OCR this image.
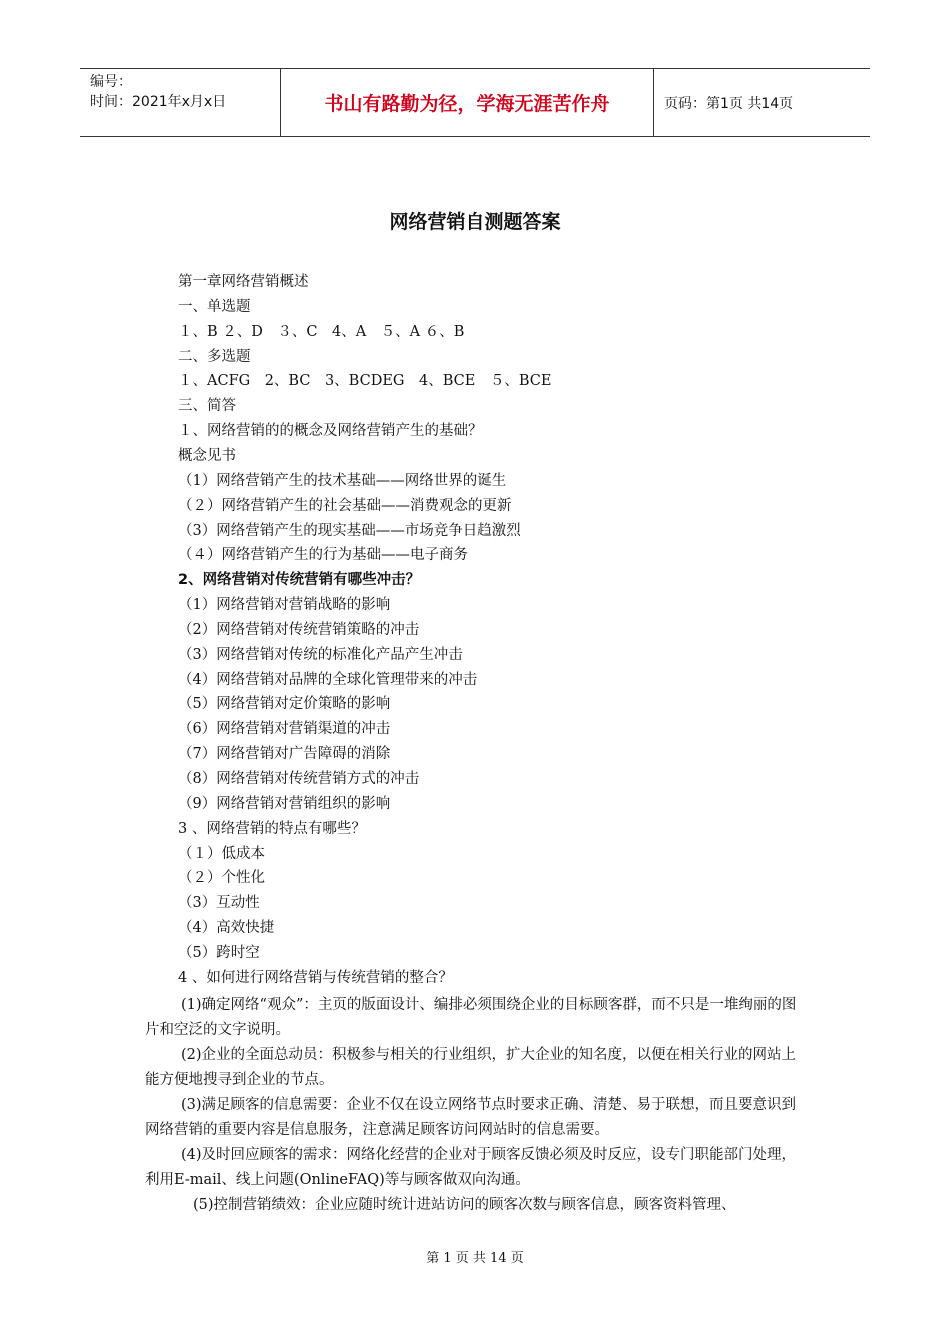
编号：
时间：2021年x月x日	书山有路勤为径，学海无涯苦作舟	页码：第1页 共14页
网络营销自测题答案
第一章网络营销概述
一、单选题
１、B ２、D　３、C　4、A　５、A ６、B
二、多选题
１、ACFG　2、BC　3、BCDEG　4、BCE　５、BCE
三、简答
１、网络营销的的概念及网络营销产生的基础？
概念见书
（1）网络营销产生的技术基础——网络世界的诞生
（２）网络营销产生的社会基础——消费观念的更新
（3）网络营销产生的现实基础——市场竞争日趋激烈
（４）网络营销产生的行为基础——电子商务
2、网络营销对传统营销有哪些冲击？
（1）网络营销对营销战略的影响
（2）网络营销对传统营销策略的冲击
（3）网络营销对传统的标准化产品产生冲击
（4）网络营销对品牌的全球化管理带来的冲击
（5）网络营销对定价策略的影响
（6）网络营销对营销渠道的冲击
（7）网络营销对广告障碍的消除
（8）网络营销对传统营销方式的冲击
（9）网络营销对营销组织的影响
3 、网络营销的特点有哪些？
（１）低成本
（２）个性化
（3）互动性
（4）高效快捷
（5）跨时空
4 、如何进行网络营销与传统营销的整合？
(1)确定网络“观众”：主页的版面设计、编排必须围绕企业的目标顾客群，而不只是一堆绚丽的图片和空泛的文字说明。
(2)企业的全面总动员：积极参与相关的行业组织，扩大企业的知名度，以便在相关行业的网站上能方便地搜寻到企业的节点。
(3)满足顾客的信息需要：企业不仅在设立网络节点时要求正确、清楚、易于联想，而且要意识到网络营销的重要内容是信息服务，注意满足顾客访问网站时的信息需要。
(4)及时回应顾客的需求：网络化经营的企业对于顾客反馈必须及时反应，设专门职能部门处理，利用E-mail、线上问题(OnlineFAQ)等与顾客做双向沟通。
(5)控制营销绩效：企业应随时统计进站访问的顾客次数与顾客信息，顾客资料管理、
第 1 页 共 14 页
